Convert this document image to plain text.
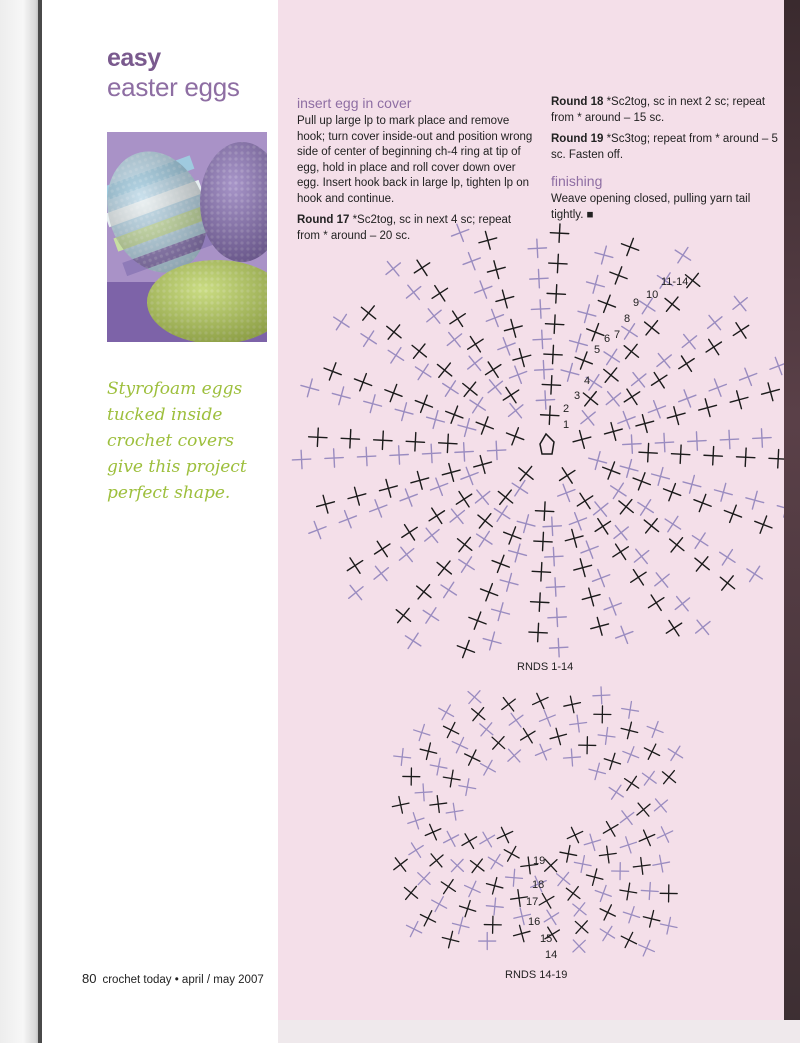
easy
easter eggs
Styrofoam eggs
tucked inside
crochet covers
give this project
perfect shape.
insert egg in cover

Pull up large lp to mark place and remove hook; turn cover inside-out and position wrong side of center of beginning ch-4 ring at tip of egg, hold in place and roll cover down over egg. Insert hook back in large lp, tighten lp on hook and continue.

Round 17 *Sc2tog, sc in next 4 sc; repeat from * around – 20 sc.

Round 18 *Sc2tog, sc in next 2 sc; repeat from * around – 15 sc.

Round 19 *Sc3tog; repeat from * around – 5 sc. Fasten off.

finishing

Weave opening closed, pulling yarn tail tightly. ■

1
2
3
4
5
6 7
8
9
10
11-14
14
15
16
17
18
19
RNDS 1-14
RNDS 14-19
80 crochet today • april / may 2007
